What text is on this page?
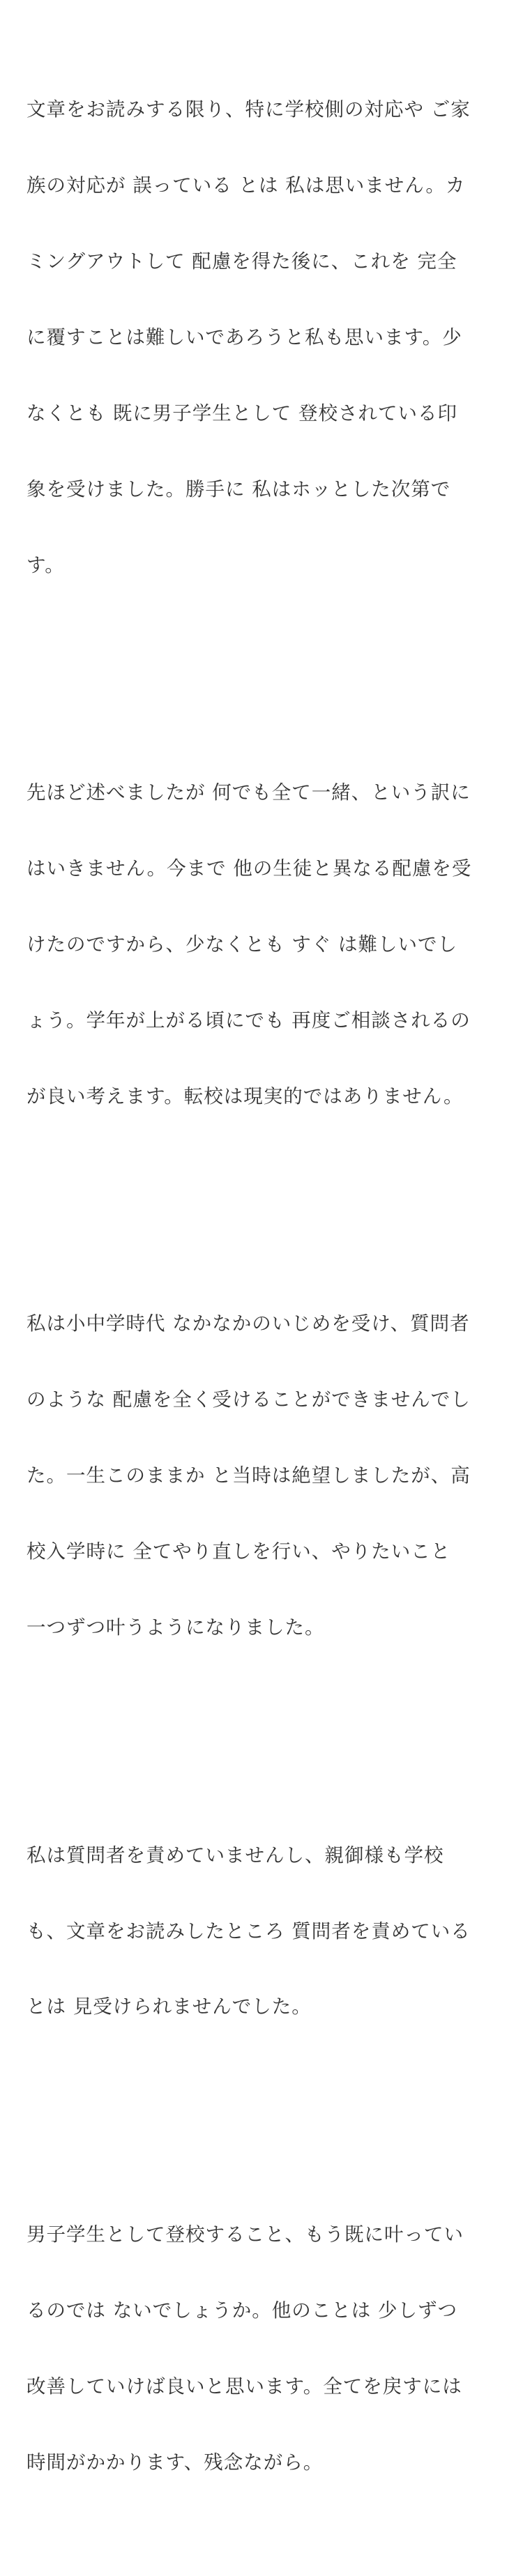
文章をお読みする限り、特に学校側の対応や ご家

族の対応が 誤っている とは 私は思いません。カ

ミングアウトして 配慮を得た後に、これを 完全

に覆すことは難しいであろうと私も思います。少

なくとも 既に男子学生として 登校されている印

象を受けました。勝手に 私はホッとした次第で

す。

先ほど述べましたが 何でも全て一緒、という訳に

はいきません。今まで 他の生徒と異なる配慮を受

けたのですから、少なくとも すぐ は難しいでし

ょう。学年が上がる頃にでも 再度ご相談されるの

が良い考えます。転校は現実的ではありません。

私は小中学時代 なかなかのいじめを受け、質問者

のような 配慮を全く受けることができませんでし

た。一生このままか と当時は絶望しましたが、高

校入学時に 全てやり直しを行い、やりたいこと

一つずつ叶うようになりました。

私は質問者を責めていませんし、親御様も学校

も、文章をお読みしたところ 質問者を責めている

とは 見受けられませんでした。

男子学生として登校すること、もう既に叶ってい

るのでは ないでしょうか。他のことは 少しずつ

改善していけば良いと思います。全てを戻すには

時間がかかります、残念ながら。
